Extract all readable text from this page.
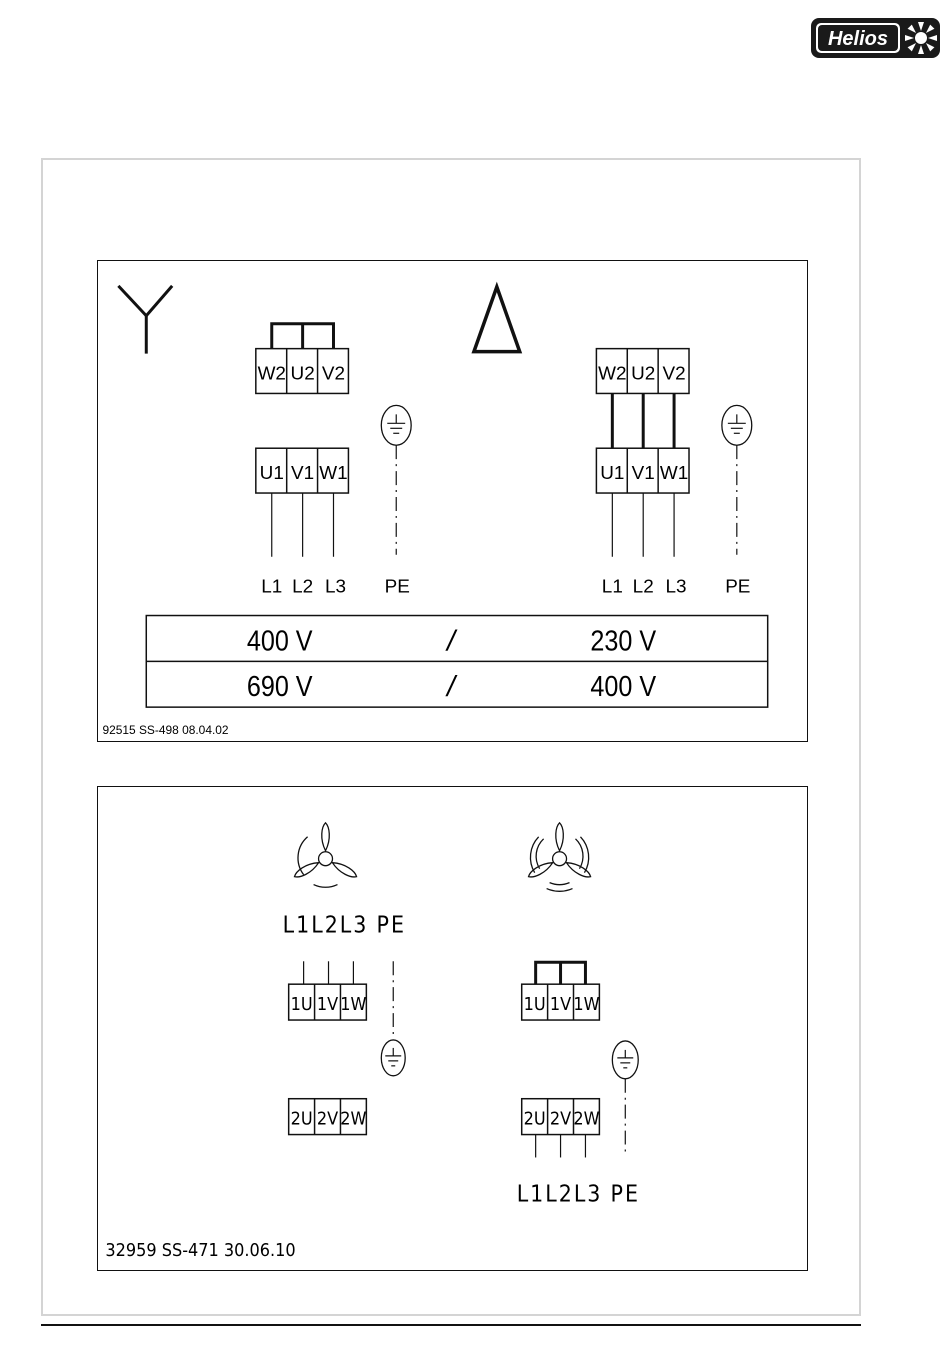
Helios
W2 U2 V2
U1 V1 W1
L1 L2 L3 PE
W2 U2 V2
U1 V1 W1
L1 L2 L3 PE
400 V	/	230 V
690 V	/	400 V
92515 SS-498 08.04.02
L1L2L3 PE
1U 1V 1W
2U 2V 2W
1U 1V 1W
2U 2V 2W
L1L2L3 PE
32959 SS-471 30.06.10
